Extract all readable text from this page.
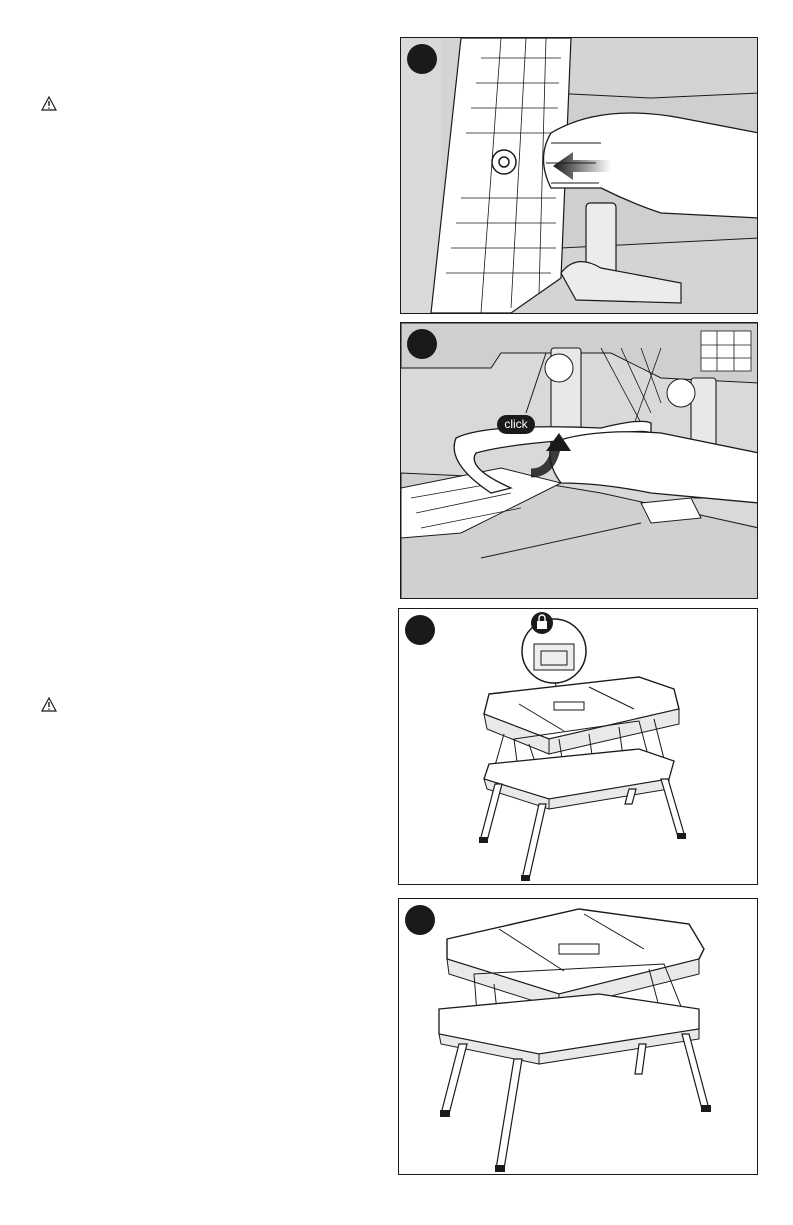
click
